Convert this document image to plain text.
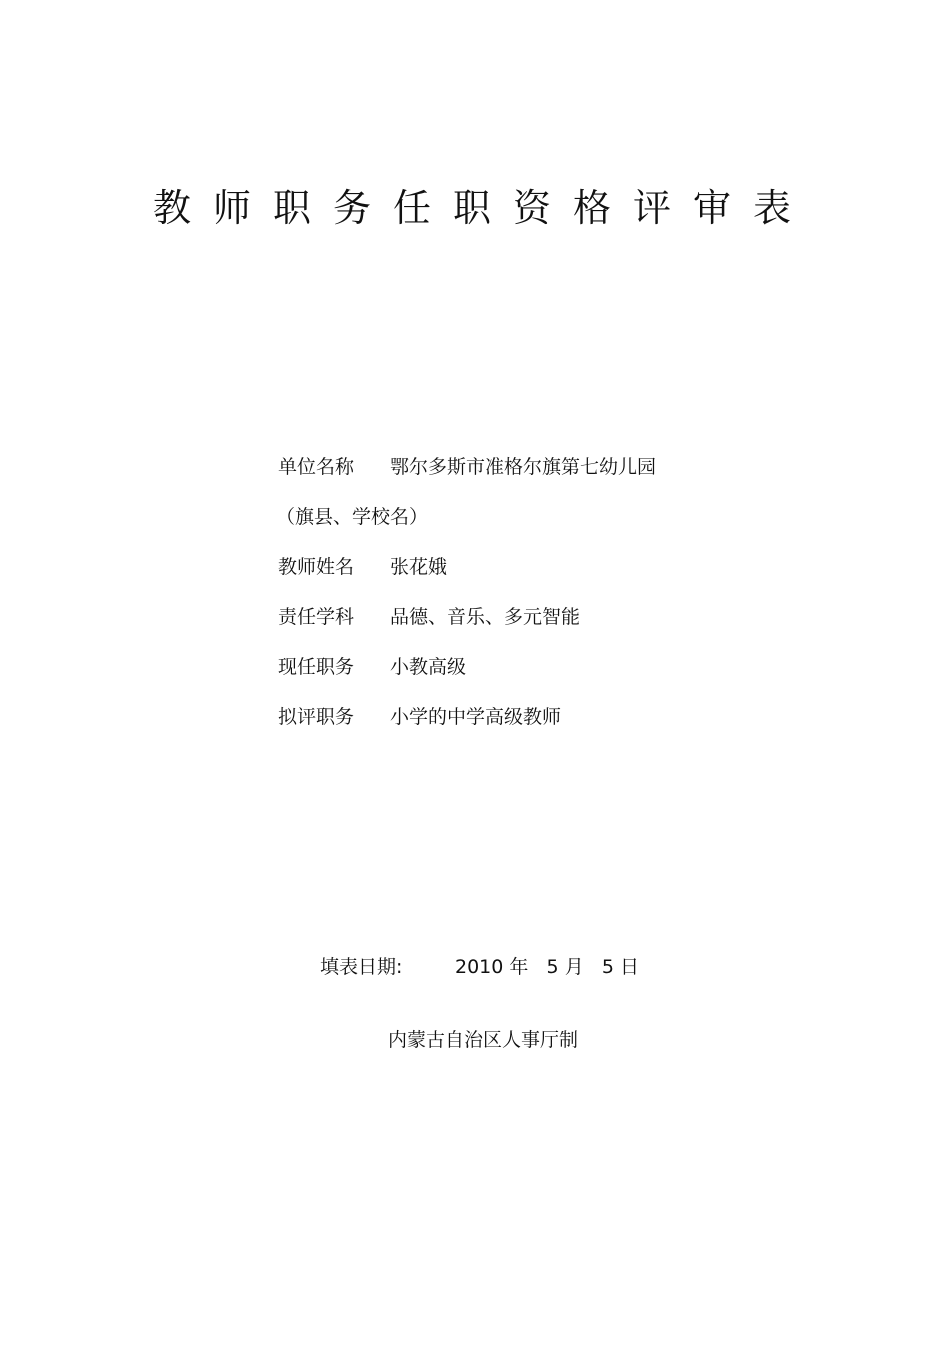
教师职务任职资格评审表
单位名称 鄂尔多斯市准格尔旗第七幼儿园
（旗县、学校名）
教师姓名 张花娥
责任学科 品德、音乐、多元智能
现任职务 小教高级
拟评职务 小学的中学高级教师
填表日期:	2010 年 5 月 5 日
内蒙古自治区人事厅制
